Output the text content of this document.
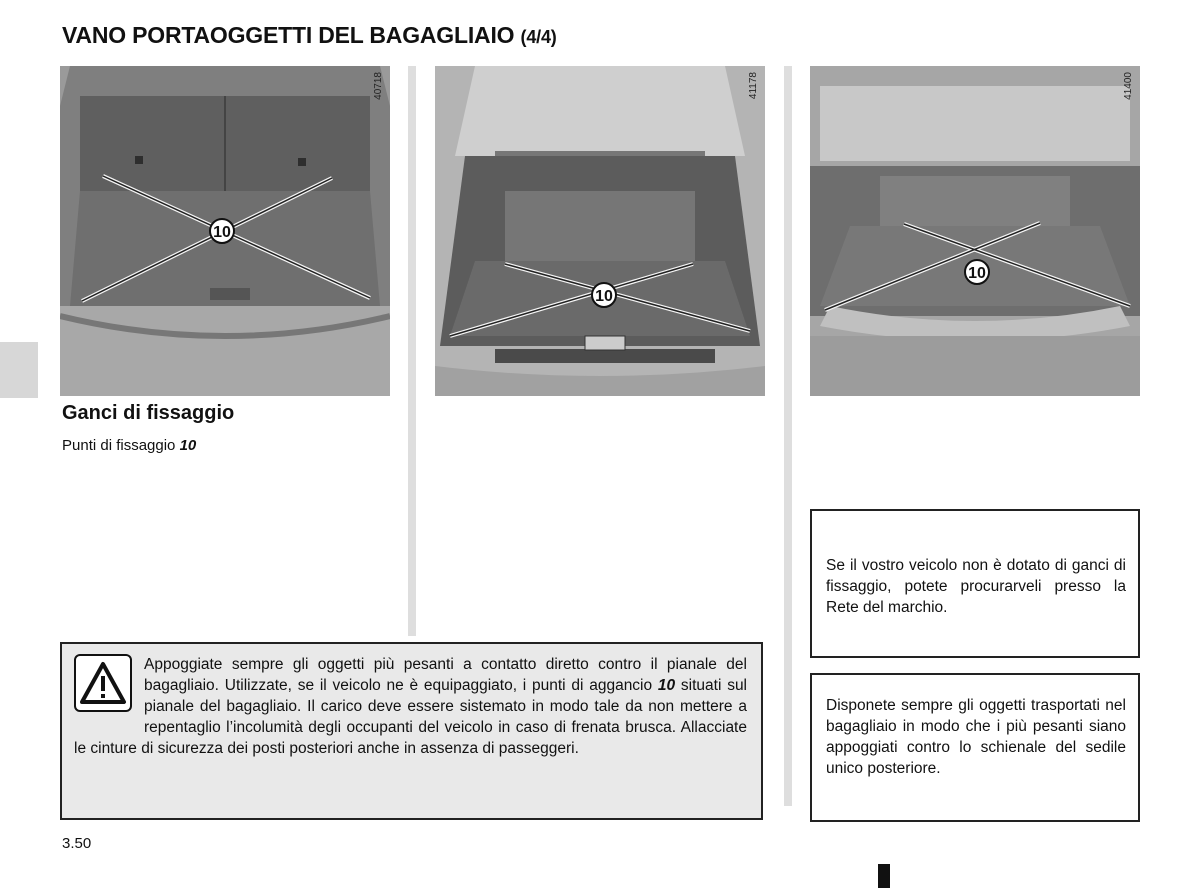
VANO PORTAOGGETTI DEL BAGAGLIAIO (4/4)
10
40718
10
41178
10
41400
Ganci di fissaggio

Punti di fissaggio 10

Appoggiate sempre gli oggetti più pesanti a contatto diretto contro il pianale del bagagliaio. Utilizzate, se il veicolo ne è equipaggiato, i punti di aggancio 10 situati sul pianale del bagagliaio. Il carico deve essere sistemato in modo tale da non mettere a repentaglio l’incolumità degli occupanti del veicolo in caso di frenata brusca. Allacciate le cinture di sicurezza dei posti posteriori anche in assenza di passeggeri.

Se il vostro veicolo non è dotato di ganci di fissaggio, potete procurarveli presso la Rete del marchio.

Disponete sempre gli oggetti trasportati nel bagagliaio in modo che i più pesanti siano appoggiati contro lo schienale del sedile unico posteriore.

3.50
